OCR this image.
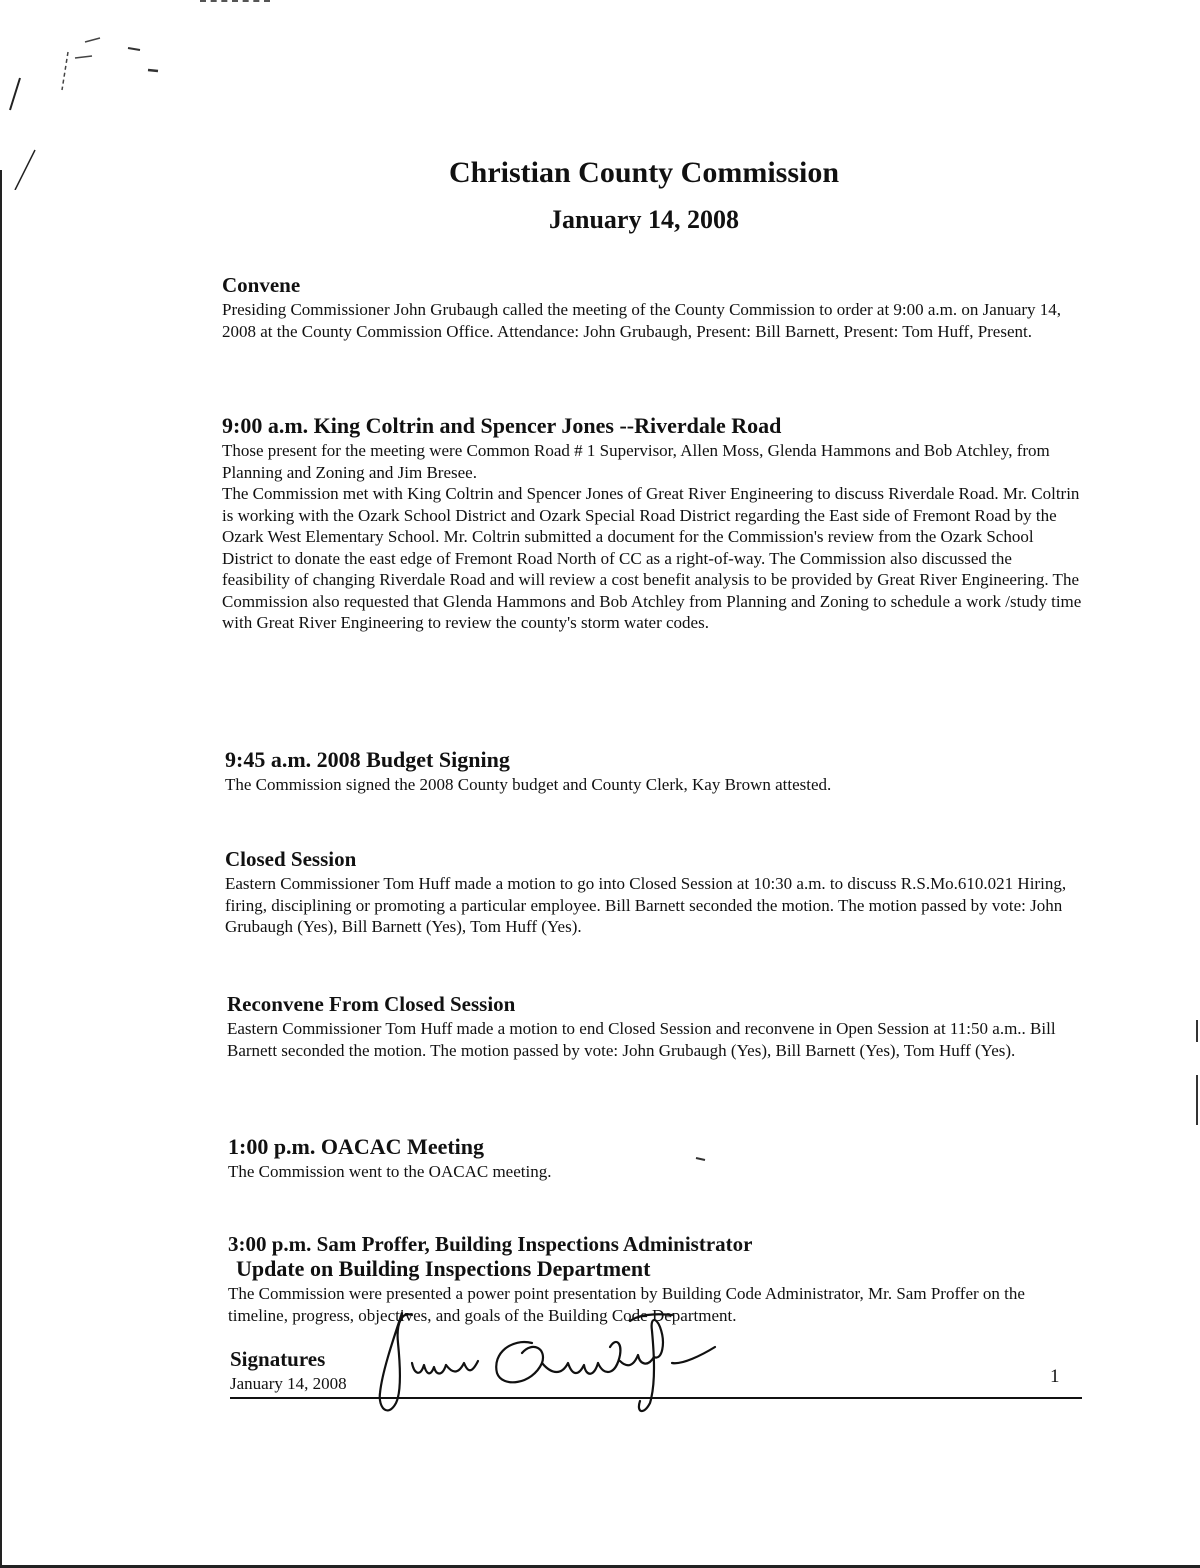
Christian County Commission
January 14, 2008
Convene
Presiding Commissioner John Grubaugh called the meeting of the County Commission to order at 9:00 a.m. on January 14, 2008 at the County Commission Office. Attendance: John Grubaugh, Present: Bill Barnett, Present: Tom Huff, Present.
9:00 a.m. King Coltrin and Spencer Jones --Riverdale Road
Those present for the meeting were Common Road # 1 Supervisor, Allen Moss, Glenda Hammons and Bob Atchley, from Planning and Zoning and Jim Bresee.
The Commission met with King Coltrin and Spencer Jones of Great River Engineering to discuss Riverdale Road. Mr. Coltrin is working with the Ozark School District and Ozark Special Road District regarding the East side of Fremont Road by the Ozark West Elementary School. Mr. Coltrin submitted a document for the Commission's review from the Ozark School District to donate the east edge of Fremont Road North of CC as a right-of-way. The Commission also discussed the feasibility of changing Riverdale Road and will review a cost benefit analysis to be provided by Great River Engineering. The Commission also requested that Glenda Hammons and Bob Atchley from Planning and Zoning to schedule a work /study time with Great River Engineering to review the county's storm water codes.
9:45 a.m. 2008 Budget Signing
The Commission signed the 2008 County budget and County Clerk, Kay Brown attested.
Closed Session
Eastern Commissioner Tom Huff made a motion to go into Closed Session at 10:30 a.m. to discuss R.S.Mo.610.021 Hiring, firing, disciplining or promoting a particular employee. Bill Barnett seconded the motion. The motion passed by vote: John Grubaugh (Yes), Bill Barnett (Yes), Tom Huff (Yes).
Reconvene From Closed Session
Eastern Commissioner Tom Huff made a motion to end Closed Session and reconvene in Open Session at 11:50 a.m.. Bill Barnett seconded the motion. The motion passed by vote: John Grubaugh (Yes), Bill Barnett (Yes), Tom Huff (Yes).
1:00 p.m. OACAC Meeting
The Commission went to the OACAC meeting.
3:00 p.m. Sam Proffer, Building Inspections Administrator
Update on Building Inspections Department
The Commission were presented a power point presentation by Building Code Administrator, Mr. Sam Proffer on the timeline, progress, objectives, and goals of the Building Code Department.
Signatures
January 14, 2008	1
